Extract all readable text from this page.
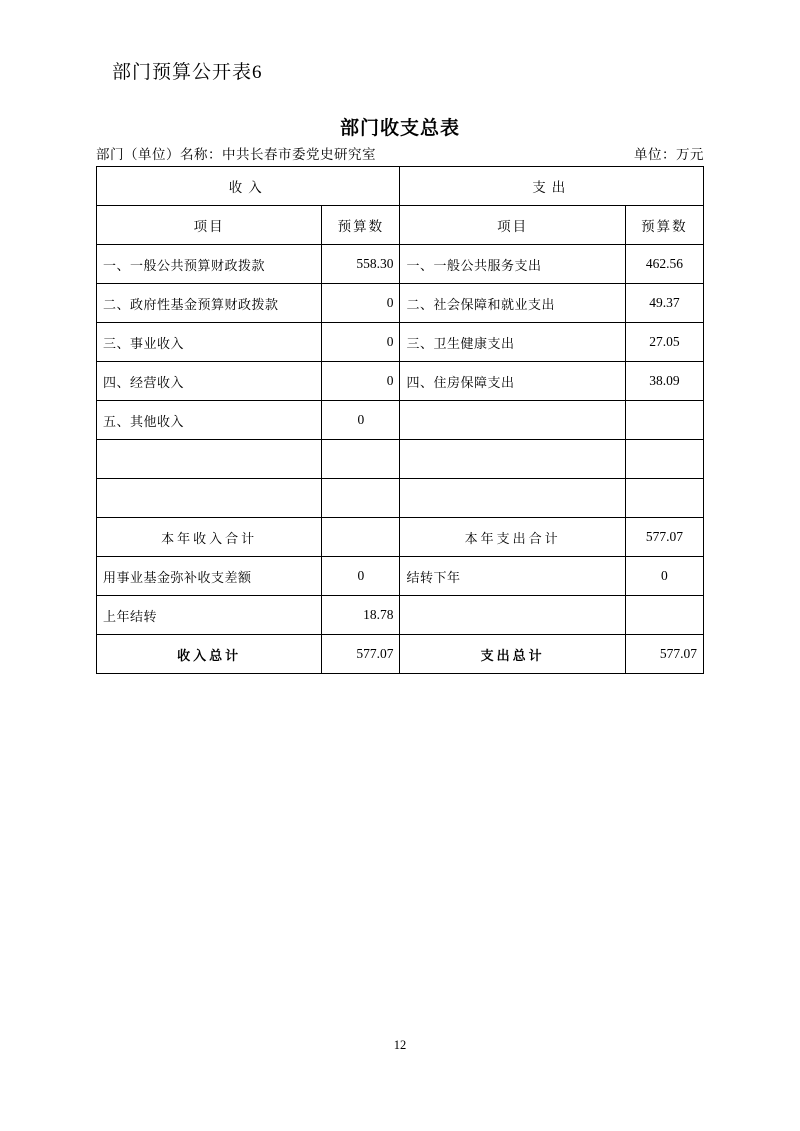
部门预算公开表6
部门收支总表
部门（单位）名称：中共长春市委党史研究室	单位：万元
收入		支出	
项目	预算数	项目	预算数
一、一般公共预算财政拨款	558.30	一、一般公共服务支出	462.56
二、政府性基金预算财政拨款	0	二、社会保障和就业支出	49.37
三、事业收入	0	三、卫生健康支出	27.05
四、经营收入	0	四、住房保障支出	38.09
五、其他收入	0		

本年收入合计		本年支出合计	577.07
用事业基金弥补收支差额	0	结转下年	0
上年结转	18.78		
收入总计	577.07	支出总计	577.07
12
